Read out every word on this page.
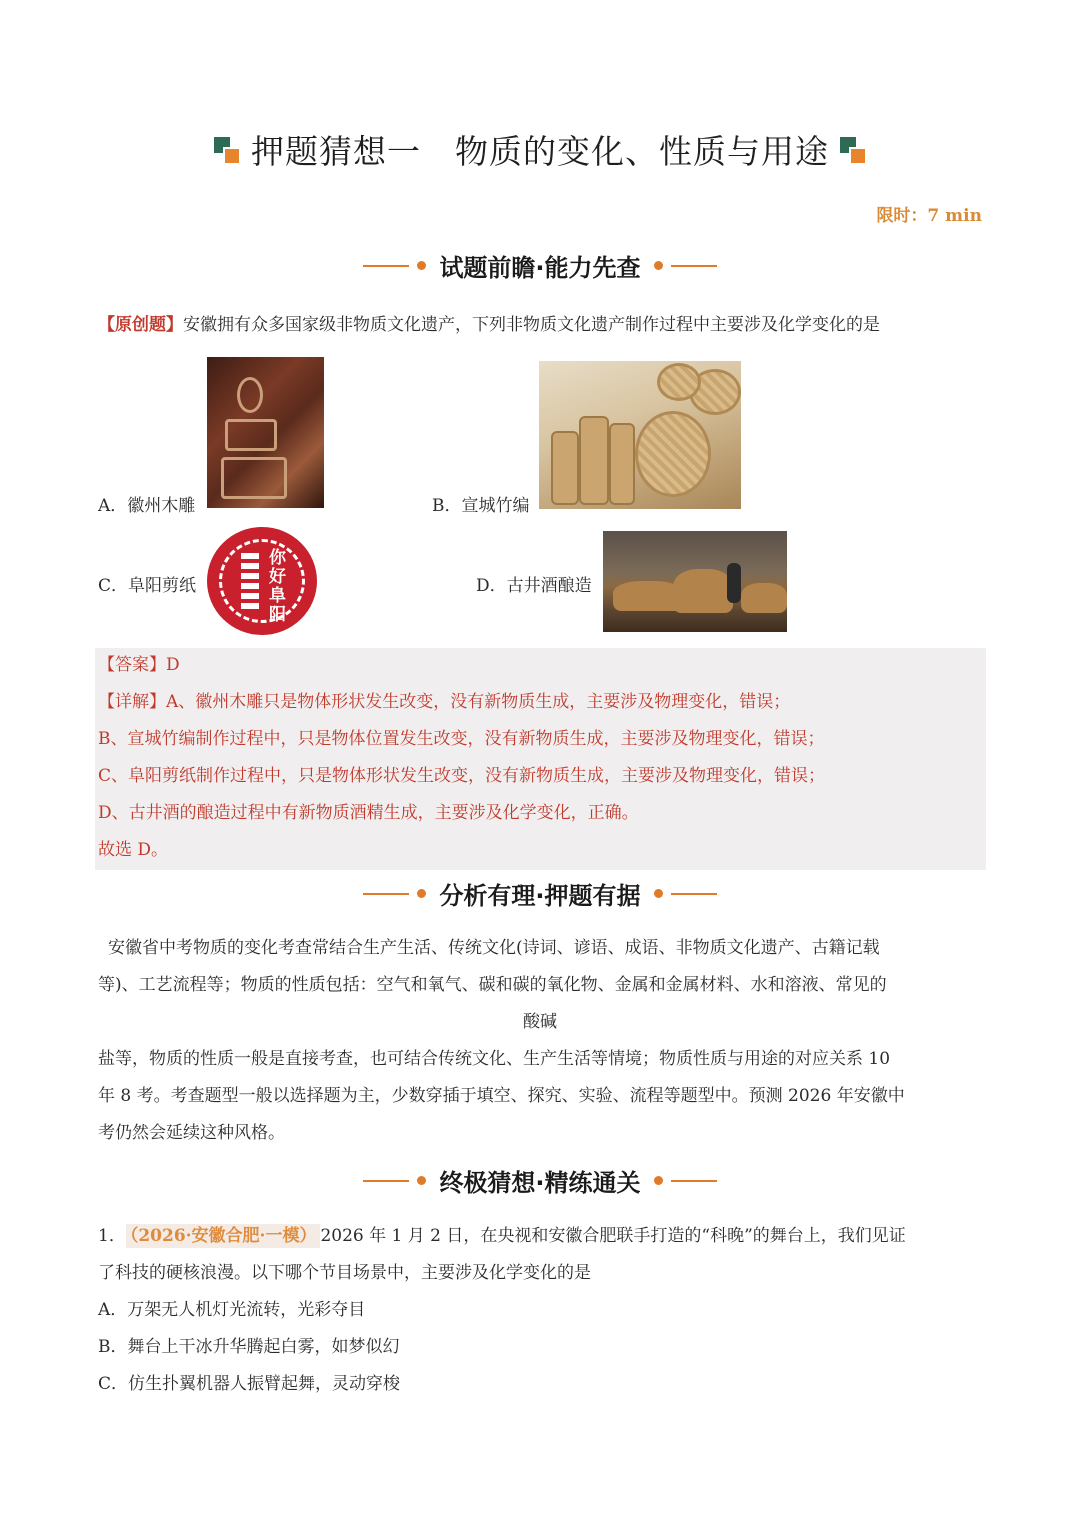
押题猜想一　物质的变化、性质与用途
限时：7 min
试题前瞻·能力先查
【原创题】安徽拥有众多国家级非物质文化遗产，下列非物质文化遗产制作过程中主要涉及化学变化的是
A．徽州木雕	B．宣城竹编
你好阜阳
C．阜阳剪纸	D．古井酒酿造
【答案】D
【详解】A、徽州木雕只是物体形状发生改变，没有新物质生成，主要涉及物理变化，错误；
B、宣城竹编制作过程中，只是物体位置发生改变，没有新物质生成，主要涉及物理变化，错误；
C、阜阳剪纸制作过程中，只是物体形状发生改变，没有新物质生成，主要涉及物理变化，错误；
D、古井酒的酿造过程中有新物质酒精生成，主要涉及化学变化，正确。
故选 D。
分析有理·押题有据
安徽省中考物质的变化考查常结合生产生活、传统文化(诗词、谚语、成语、非物质文化遗产、古籍记载
等)、工艺流程等；物质的性质包括：空气和氧气、碳和碳的氧化物、金属和金属材料、水和溶液、常见的
酸碱
盐等，物质的性质一般是直接考查，也可结合传统文化、生产生活等情境；物质性质与用途的对应关系 10
年 8 考。考查题型一般以选择题为主，少数穿插于填空、探究、实验、流程等题型中。预测 2026 年安徽中
考仍然会延续这种风格。
终极猜想·精练通关
1． （2026·安徽合肥·一模） 2026 年 1 月 2 日，在央视和安徽合肥联手打造的“科晚”的舞台上，我们见证
了科技的硬核浪漫。以下哪个节目场景中，主要涉及化学变化的是
A．万架无人机灯光流转，光彩夺目
B．舞台上干冰升华腾起白雾，如梦似幻
C．仿生扑翼机器人振臂起舞，灵动穿梭
